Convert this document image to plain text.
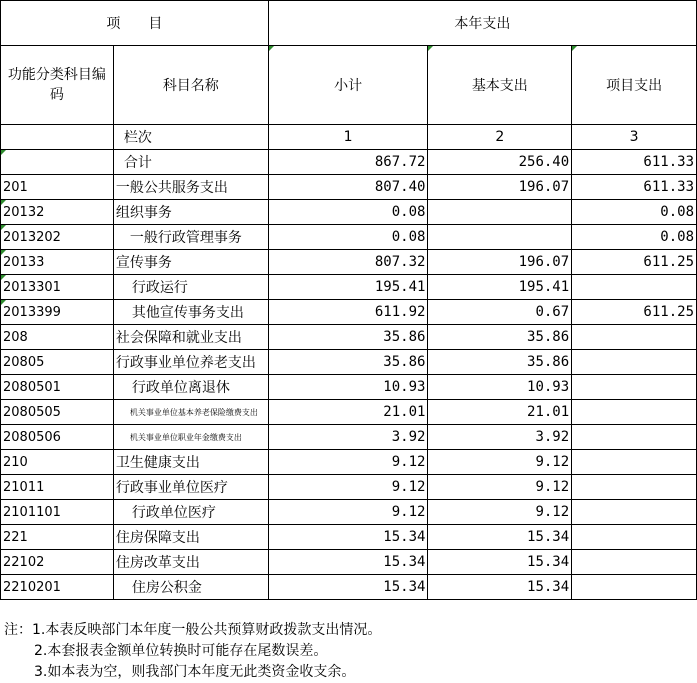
项　　目		本年支出		
功能分类科目编码	科目名称	小计	基本支出	项目支出
	栏次	1	2	3
	合计	867.72	256.40	611.33
201	一般公共服务支出	807.40	196.07	611.33
20132	组织事务	0.08		0.08
2013202	一般行政管理事务	0.08		0.08
20133	宣传事务	807.32	196.07	611.25
2013301	行政运行	195.41	195.41	
2013399	其他宣传事务支出	611.92	0.67	611.25
208	社会保障和就业支出	35.86	35.86	
20805	行政事业单位养老支出	35.86	35.86	
2080501	行政单位离退休	10.93	10.93	
2080505	机关事业单位基本养老保险缴费支出	21.01	21.01	
2080506	机关事业单位职业年金缴费支出	3.92	3.92	
210	卫生健康支出	9.12	9.12	
21011	行政事业单位医疗	9.12	9.12	
2101101	行政单位医疗	9.12	9.12	
221	住房保障支出	15.34	15.34	
22102	住房改革支出	15.34	15.34	
2210201	住房公积金	15.34	15.34	
注：1.本表反映部门本年度一般公共预算财政拨款支出情况。
2.本套报表金额单位转换时可能存在尾数误差。
3.如本表为空，则我部门本年度无此类资金收支余。
